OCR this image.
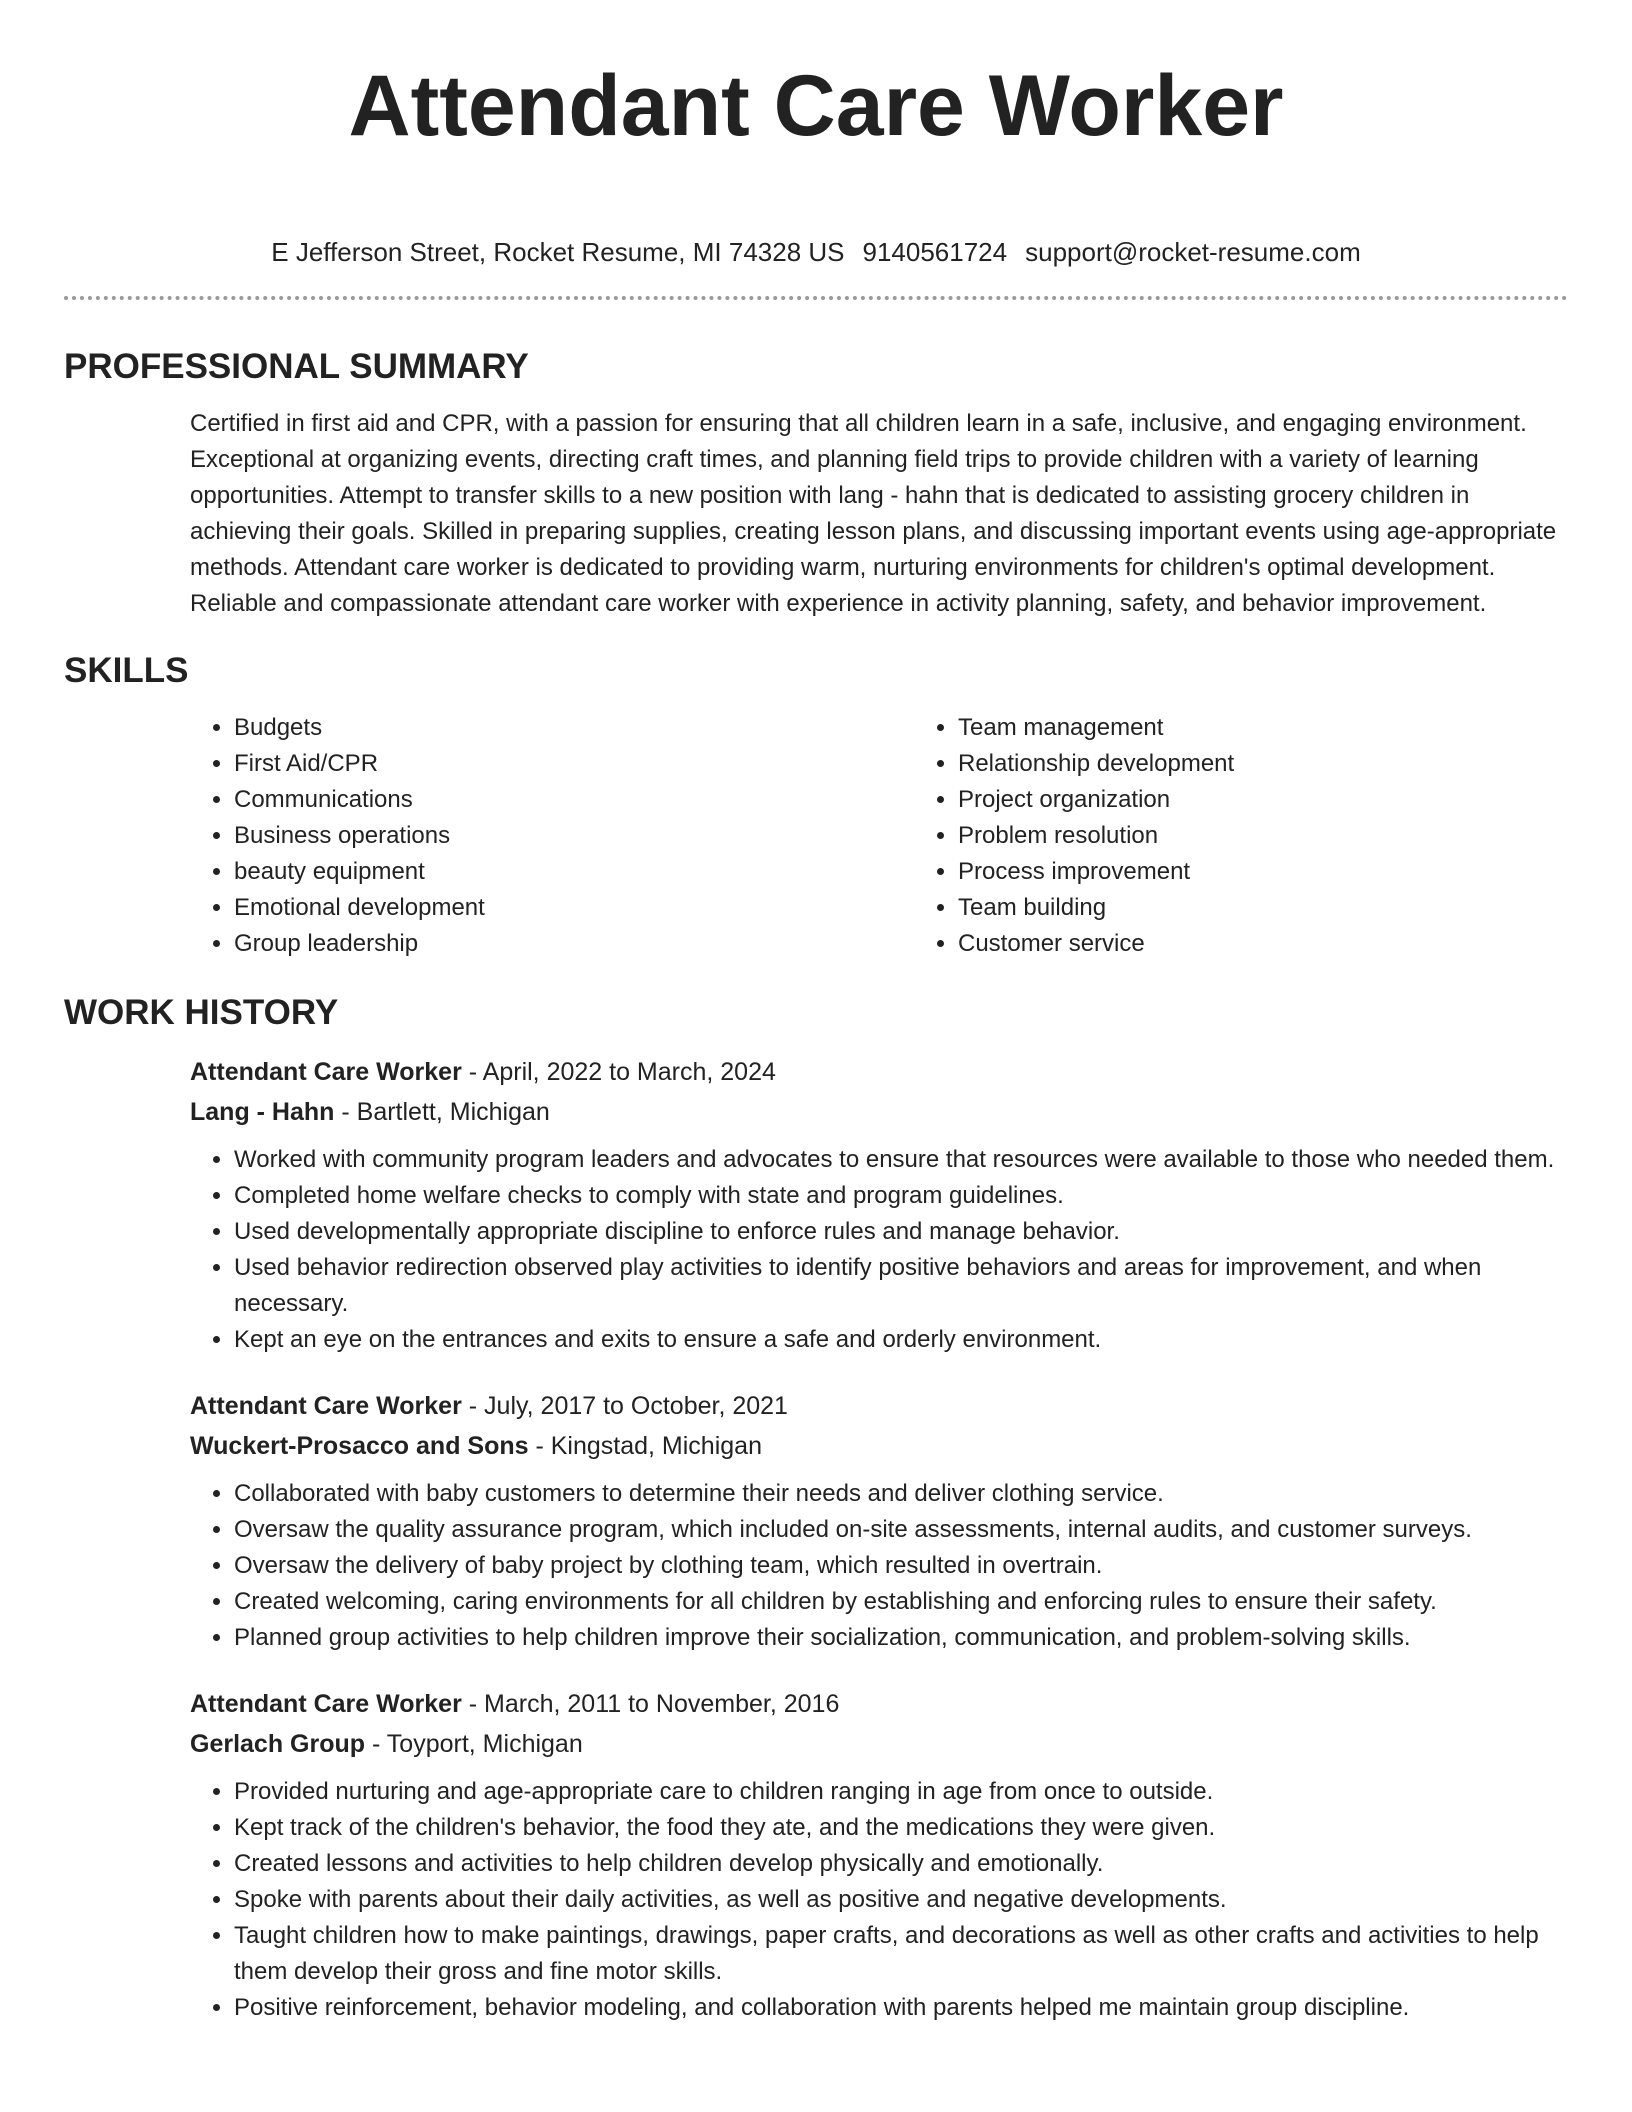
Attendant Care Worker
E Jefferson Street, Rocket Resume, MI 74328 US 9140561724 support@rocket-resume.com
PROFESSIONAL SUMMARY

Certified in first aid and CPR, with a passion for ensuring that all children learn in a safe, inclusive, and engaging environment. Exceptional at organizing events, directing craft times, and planning field trips to provide children with a variety of learning opportunities. Attempt to transfer skills to a new position with lang - hahn that is dedicated to assisting grocery children in achieving their goals. Skilled in preparing supplies, creating lesson plans, and discussing important events using age-appropriate methods. Attendant care worker is dedicated to providing warm, nurturing environments for children's optimal development. Reliable and compassionate attendant care worker with experience in activity planning, safety, and behavior improvement.

SKILLS
• Budgets
• First Aid/CPR
• Communications
• Business operations
• beauty equipment
• Emotional development
• Group leadership
• Team management
• Relationship development
• Project organization
• Problem resolution
• Process improvement
• Team building
• Customer service
WORK HISTORY
Attendant Care Worker - April, 2022 to March, 2024
Lang - Hahn - Bartlett, Michigan
• Worked with community program leaders and advocates to ensure that resources were available to those who needed them.
• Completed home welfare checks to comply with state and program guidelines.
• Used developmentally appropriate discipline to enforce rules and manage behavior.
• Used behavior redirection observed play activities to identify positive behaviors and areas for improvement, and when necessary.
• Kept an eye on the entrances and exits to ensure a safe and orderly environment.
Attendant Care Worker - July, 2017 to October, 2021
Wuckert-Prosacco and Sons - Kingstad, Michigan
• Collaborated with baby customers to determine their needs and deliver clothing service.
• Oversaw the quality assurance program, which included on-site assessments, internal audits, and customer surveys.
• Oversaw the delivery of baby project by clothing team, which resulted in overtrain.
• Created welcoming, caring environments for all children by establishing and enforcing rules to ensure their safety.
• Planned group activities to help children improve their socialization, communication, and problem-solving skills.
Attendant Care Worker - March, 2011 to November, 2016
Gerlach Group - Toyport, Michigan
• Provided nurturing and age-appropriate care to children ranging in age from once to outside.
• Kept track of the children's behavior, the food they ate, and the medications they were given.
• Created lessons and activities to help children develop physically and emotionally.
• Spoke with parents about their daily activities, as well as positive and negative developments.
• Taught children how to make paintings, drawings, paper crafts, and decorations as well as other crafts and activities to help them develop their gross and fine motor skills.
• Positive reinforcement, behavior modeling, and collaboration with parents helped me maintain group discipline.
